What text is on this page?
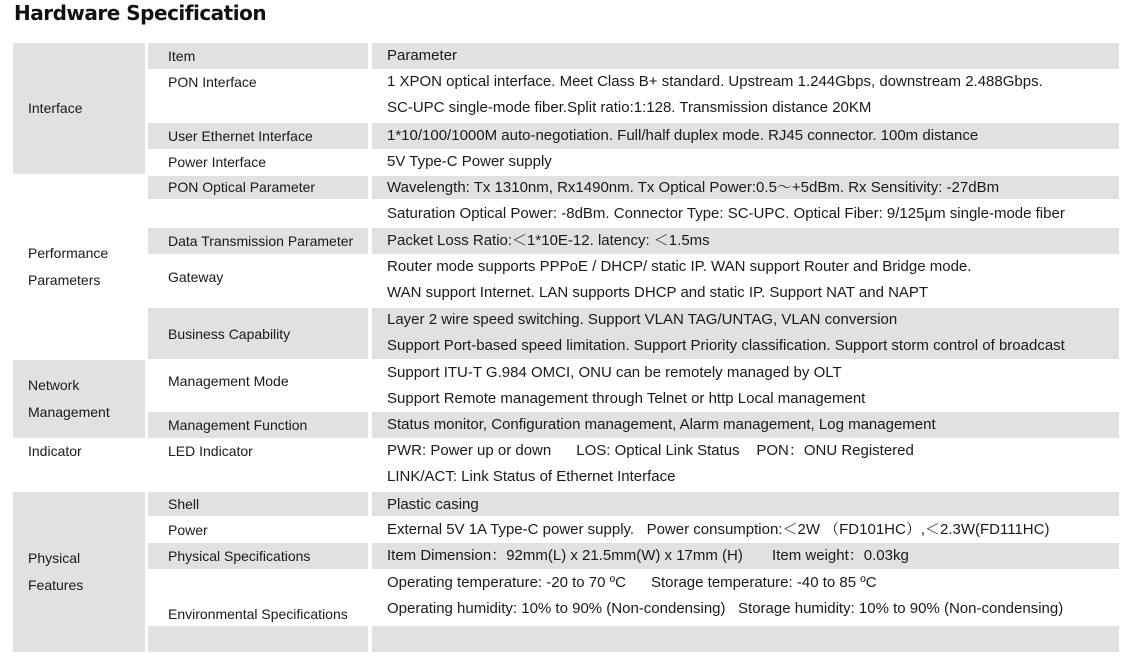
Hardware Specification
Interface
Performance
Parameters
Network
Management
Indicator
Physical
Features
Item
PON Interface
User Ethernet Interface
Power Interface
PON Optical Parameter
Data Transmission Parameter
Gateway
Business Capability
Management Mode
Management Function
LED Indicator
Shell
Power
Physical Specifications
Environmental Specifications
Parameter
1 XPON optical interface. Meet Class B+ standard. Upstream 1.244Gbps, downstream 2.488Gbps.
SC-UPC single-mode fiber.Split ratio:1:128. Transmission distance 20KM
1*10/100/1000M auto-negotiation. Full/half duplex mode. RJ45 connector. 100m distance
5V Type-C Power supply
Wavelength: Tx 1310nm, Rx1490nm. Tx Optical Power:0.5～+5dBm. Rx Sensitivity: -27dBm
Saturation Optical Power: -8dBm. Connector Type: SC-UPC. Optical Fiber: 9/125μm single-mode fiber
Packet Loss Ratio:＜1*10E-12. latency: ＜1.5ms
Router mode supports PPPoE / DHCP/ static IP. WAN support Router and Bridge mode.
WAN support Internet. LAN supports DHCP and static IP. Support NAT and NAPT
Layer 2 wire speed switching. Support VLAN TAG/UNTAG, VLAN conversion
Support Port-based speed limitation. Support Priority classification. Support storm control of broadcast
Support ITU-T G.984 OMCI, ONU can be remotely managed by OLT
Support Remote management through Telnet or http Local management
Status monitor, Configuration management, Alarm management, Log management
PWR: Power up or down      LOS: Optical Link Status    PON：ONU Registered
LINK/ACT: Link Status of Ethernet Interface
Plastic casing
External 5V 1A Type-C power supply.   Power consumption:＜2W （FD101HC）,＜2.3W(FD111HC)
Item Dimension：92mm(L) x 21.5mm(W) x 17mm (H)       Item weight：0.03kg
Operating temperature: -20 to 70 ºC      Storage temperature: -40 to 85 ºC
Operating humidity: 10% to 90% (Non-condensing)   Storage humidity: 10% to 90% (Non-condensing)
